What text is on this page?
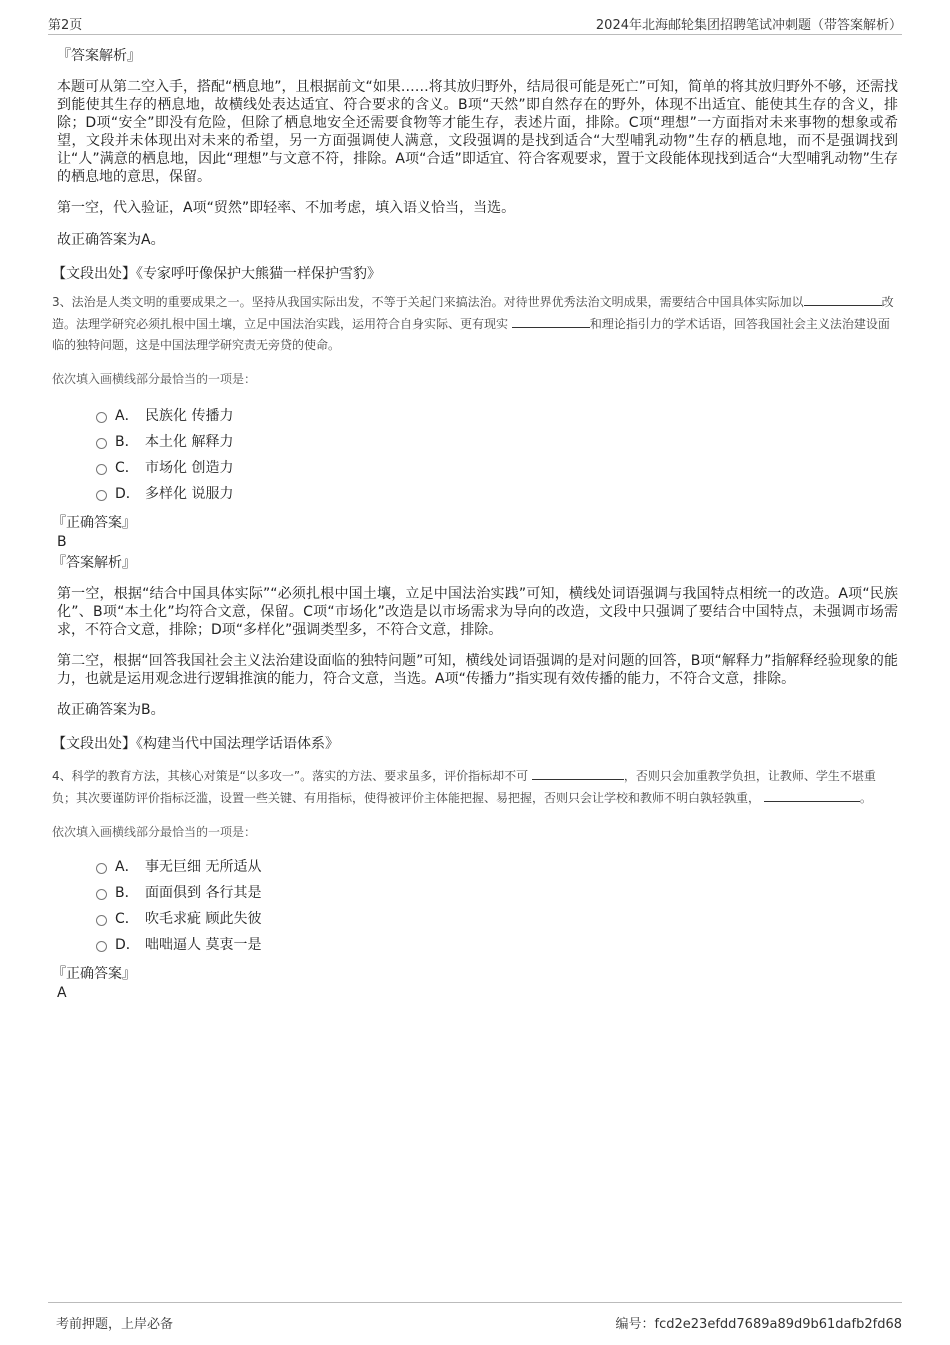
第2页	2024年北海邮轮集团招聘笔试冲刺题（带答案解析）

『答案解析』

本题可从第二空入手，搭配“栖息地”，且根据前文“如果……将其放归野外，结局很可能是死亡”可知，简单的将其放归野外不够，还需找到能使其生存的栖息地，故横线处表达适宜、符合要求的含义。B项“天然”即自然存在的野外，体现不出适宜、能使其生存的含义，排除；D项“安全”即没有危险，但除了栖息地安全还需要食物等才能生存，表述片面，排除。C项“理想”一方面指对未来事物的想象或希望，文段并未体现出对未来的希望，另一方面强调使人满意，文段强调的是找到适合“大型哺乳动物”生存的栖息地，而不是强调找到让“人”满意的栖息地，因此“理想”与文意不符，排除。A项“合适”即适宜、符合客观要求，置于文段能体现找到适合“大型哺乳动物”生存的栖息地的意思，保留。

第一空，代入验证，A项“贸然”即轻率、不加考虑，填入语义恰当，当选。

故正确答案为A。

【文段出处】《专家呼吁像保护大熊猫一样保护雪豹》

3、法治是人类文明的重要成果之一。坚持从我国实际出发，不等于关起门来搞法治。对待世界优秀法治文明成果，需要结合中国具体实际加以	改造。法理学研究必须扎根中国土壤，立足中国法治实践，运用符合自身实际、更有现实	和理论指引力的学术话语，回答我国社会主义法治建设面临的独特问题，这是中国法理学研究责无旁贷的使命。

依次填入画横线部分最恰当的一项是：

A． 民族化 传播力
B． 本土化 解释力
C． 市场化 创造力
D． 多样化 说服力

『正确答案』

B

『答案解析』

第一空，根据“结合中国具体实际”“必须扎根中国土壤，立足中国法治实践”可知，横线处词语强调与我国特点相统一的改造。A项“民族化”、B项“本土化”均符合文意，保留。C项“市场化”改造是以市场需求为导向的改造，文段中只强调了要结合中国特点，未强调市场需求，不符合文意，排除；D项“多样化”强调类型多，不符合文意，排除。

第二空，根据“回答我国社会主义法治建设面临的独特问题”可知，横线处词语强调的是对问题的回答，B项“解释力”指解释经验现象的能力，也就是运用观念进行逻辑推演的能力，符合文意，当选。A项“传播力”指实现有效传播的能力，不符合文意，排除。

故正确答案为B。

【文段出处】《构建当代中国法理学话语体系》

4、科学的教育方法，其核心对策是“以多攻一”。落实的方法、要求虽多，评价指标却不可	，否则只会加重教学负担，让教师、学生不堪重负；其次要谨防评价指标泛滥，设置一些关键、有用指标，使得被评价主体能把握、易把握，否则只会让学校和教师不明白孰轻孰重，	。

依次填入画横线部分最恰当的一项是：

A． 事无巨细 无所适从
B． 面面俱到 各行其是
C． 吹毛求疵 顾此失彼
D． 咄咄逼人 莫衷一是

『正确答案』

A

考前押题，上岸必备	编号：fcd2e23efdd7689a89d9b61dafb2fd68
